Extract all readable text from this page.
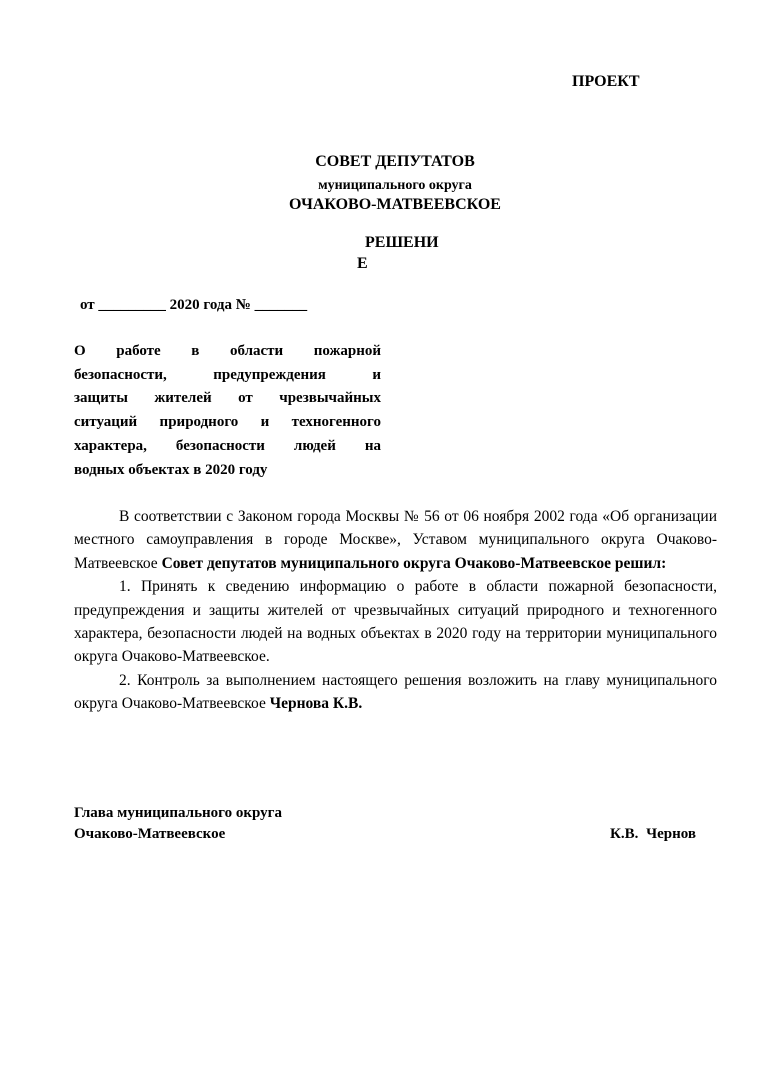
ПРОЕКТ
СОВЕТ ДЕПУТАТОВ
муниципального округа
ОЧАКОВО-МАТВЕЕВСКОЕ
РЕШЕНИ
Е
от _________ 2020 года № _______
О работе в области пожарной
безопасности, предупреждения и
защиты жителей от чрезвычайных
ситуаций природного и техногенного
характера, безопасности людей на
водных объектах в 2020 году

В соответствии с Законом города Москвы № 56 от 06 ноября 2002 года «Об организации местного самоуправления в городе Москве», Уставом муниципального округа Очаково-Матвеевское Совет депутатов муниципального округа Очаково-Матвеевское решил:

1. Принять к сведению информацию о работе в области пожарной безопасности, предупреждения и защиты жителей от чрезвычайных ситуаций природного и техногенного характера, безопасности людей на водных объектах в 2020 году на территории муниципального округа Очаково-Матвеевское.

2. Контроль за выполнением настоящего решения возложить на главу муниципального округа Очаково-Матвеевское Чернова К.В.

Глава муниципального округа
Очаково-Матвеевское	К.В. Чернов
